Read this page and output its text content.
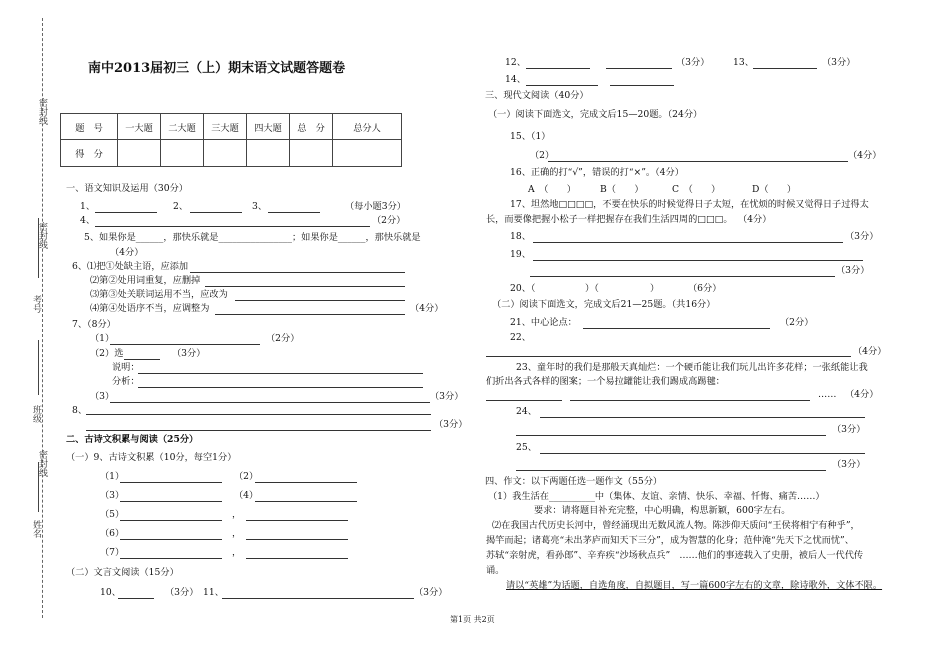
密封线
密封线
密封线
考号
班级
姓名
南中2013届初三（上）期末语文试题答题卷
题　号	一大题	二大题	三大题	四大题	总　分	总分人
得　分						
一、语文知识及运用（30分）
1、	2、	3、	（每小题3分）
4、	（2分）
5、如果你是______，那快乐就是________________；如果你是______，那快乐就是
（4分）
6、⑴把①处缺主语，应添加
⑵第②处用词重复，应删掉
⑶第③处关联词运用不当，应改为
⑷第④处语序不当，应调整为	（4分）
7、（8分）
（1）	（2分）
（2）选	（3分）
说明：
分析：
（3）	（3分）
8、
（3分）
二、古诗文积累与阅读（25分）
（一）9、古诗文积累（10分，每空1分）
（1）	（2）
（3）	（4）
（5）	，
（6）	，
（7）	，
（二）文言文阅读（15分）
10、	（3分） 11、	（3分）
12、	（3分）	13、	（3分）
14、
三、现代文阅读（40分）
（一）阅读下面选文，完成文后15—20题。（24分）
15、（1）
（2）	（4分）
16、正确的打“√”，错误的打“×”。（4分）
A　（　　）	B（　　）	C　（　　）	D（　　）
17、坦然地□□□□，不要在快乐的时候觉得日子太短，在忧烦的时候又觉得日子过得太
长，而要像把握小松子一样把握存在我们生活四周的□□□。 （4分）
18、	（3分）
19、
（3分）
20、（	）（	）	（6分）
（二）阅读下面选文，完成文后21—25题。（共16分）
21、中心论点：	（2分）
22、
（4分）
23、童年时的我们是那般天真灿烂：一个硬币能让我们玩儿出许多花样；一张纸能让我
们折出各式各样的图案；一个易拉罐能让我们踢成高踢毽：
…… （4分）
24、
（3分）
25、
（3分）
四、作文：以下两题任选一题作文（55分）
（1）我生活在__________中（集体、友谊、亲情、快乐、幸福、忏悔、痛苦……）
要求：请将题目补充完整，中心明确，构思新颖，600字左右。
⑵在我国古代历史长河中，曾经涌现出无数风流人物。陈涉仰天质问“王侯将相宁有种乎”，
揭竿而起；诸葛亮“未出茅庐而知天下三分”，成为智慧的化身；范仲淹“先天下之忧而忧”、
苏轼“亲射虎，看孙郎”、辛弃疾“沙场秋点兵”　……他们的事迹载入了史册，被后人一代代传
诵。
请以“英雄”为话题，自选角度，自拟题目，写一篇600字左右的文章，除诗歌外，文体不限。
第1页 共2页
